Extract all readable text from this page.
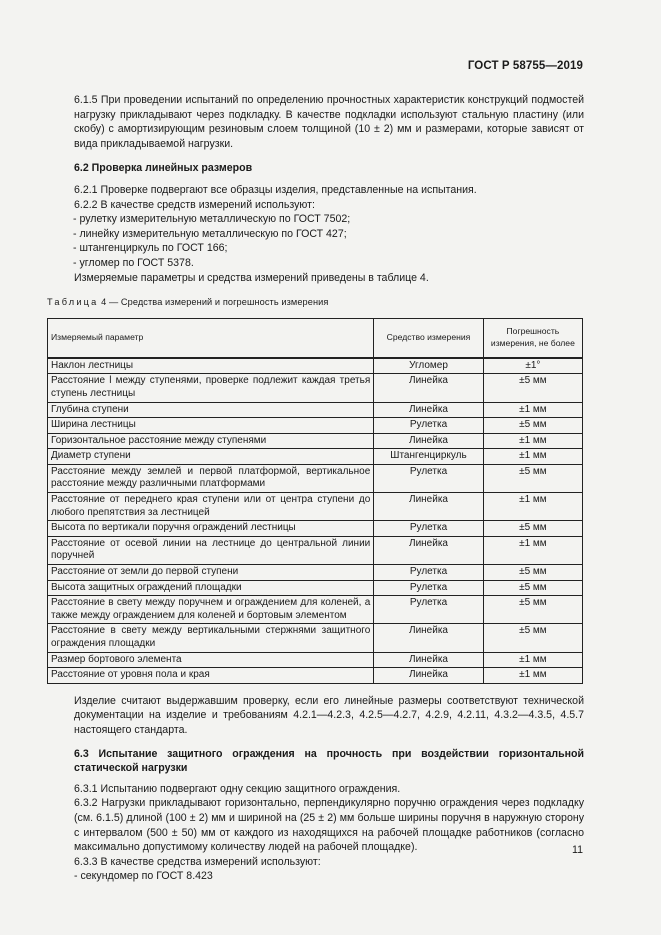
ГОСТ Р 58755—2019

6.1.5 При проведении испытаний по определению прочностных характеристик конструкций подмостей нагрузку прикладывают через подкладку. В качестве подкладки используют стальную пластину (или скобу) с амортизирующим резиновым слоем толщиной (10 ± 2) мм и размерами, которые зависят от вида прикладываемой нагрузки.

6.2 Проверка линейных размеров

6.2.1 Проверке подвергают все образцы изделия, представленные на испытания.

6.2.2 В качестве средств измерений используют:

- рулетку измерительную металлическую по ГОСТ 7502;

- линейку измерительную металлическую по ГОСТ 427;

- штангенциркуль по ГОСТ 166;

- угломер по ГОСТ 5378.

Измеряемые параметры и средства измерений приведены в таблице 4.

Таблица 4 — Средства измерений и погрешность измерения

Измеряемый параметр	Средство измерения	Погрешность измерения, не более
Наклон лестницы	Угломер	±1°
Расстояние l между ступенями, проверке подлежит каждая третья ступень лестницы	Линейка	±5 мм
Глубина ступени	Линейка	±1 мм
Ширина лестницы	Рулетка	±5 мм
Горизонтальное расстояние между ступенями	Линейка	±1 мм
Диаметр ступени	Штангенциркуль	±1 мм
Расстояние между землей и первой платформой, вертикальное расстояние между различными платформами	Рулетка	±5 мм
Расстояние от переднего края ступени или от центра ступени до любого препятствия за лестницей	Линейка	±1 мм
Высота по вертикали поручня ограждений лестницы	Рулетка	±5 мм
Расстояние от осевой линии на лестнице до центральной линии поручней	Линейка	±1 мм
Расстояние от земли до первой ступени	Рулетка	±5 мм
Высота защитных ограждений площадки	Рулетка	±5 мм
Расстояние в свету между поручнем и ограждением для коленей, а также между ограждением для коленей и бортовым элементом	Рулетка	±5 мм
Расстояние в свету между вертикальными стержнями защитного ограждения площадки	Линейка	±5 мм
Размер бортового элемента	Линейка	±1 мм
Расстояние от уровня пола и края	Линейка	±1 мм

Изделие считают выдержавшим проверку, если его линейные размеры соответствуют технической документации на изделие и требованиям 4.2.1—4.2.3, 4.2.5—4.2.7, 4.2.9, 4.2.11, 4.3.2—4.3.5, 4.5.7 настоящего стандарта.

6.3 Испытание защитного ограждения на прочность при воздействии горизонтальной статической нагрузки

6.3.1 Испытанию подвергают одну секцию защитного ограждения.

6.3.2 Нагрузки прикладывают горизонтально, перпендикулярно поручню ограждения через подкладку (см. 6.1.5) длиной (100 ± 2) мм и шириной на (25 ± 2) мм больше ширины поручня в наружную сторону с интервалом (500 ± 50) мм от каждого из находящихся на рабочей площадке работников (согласно максимально допустимому количеству людей на рабочей площадке).

6.3.3 В качестве средства измерений используют:

- секундомер по ГОСТ 8.423

11
